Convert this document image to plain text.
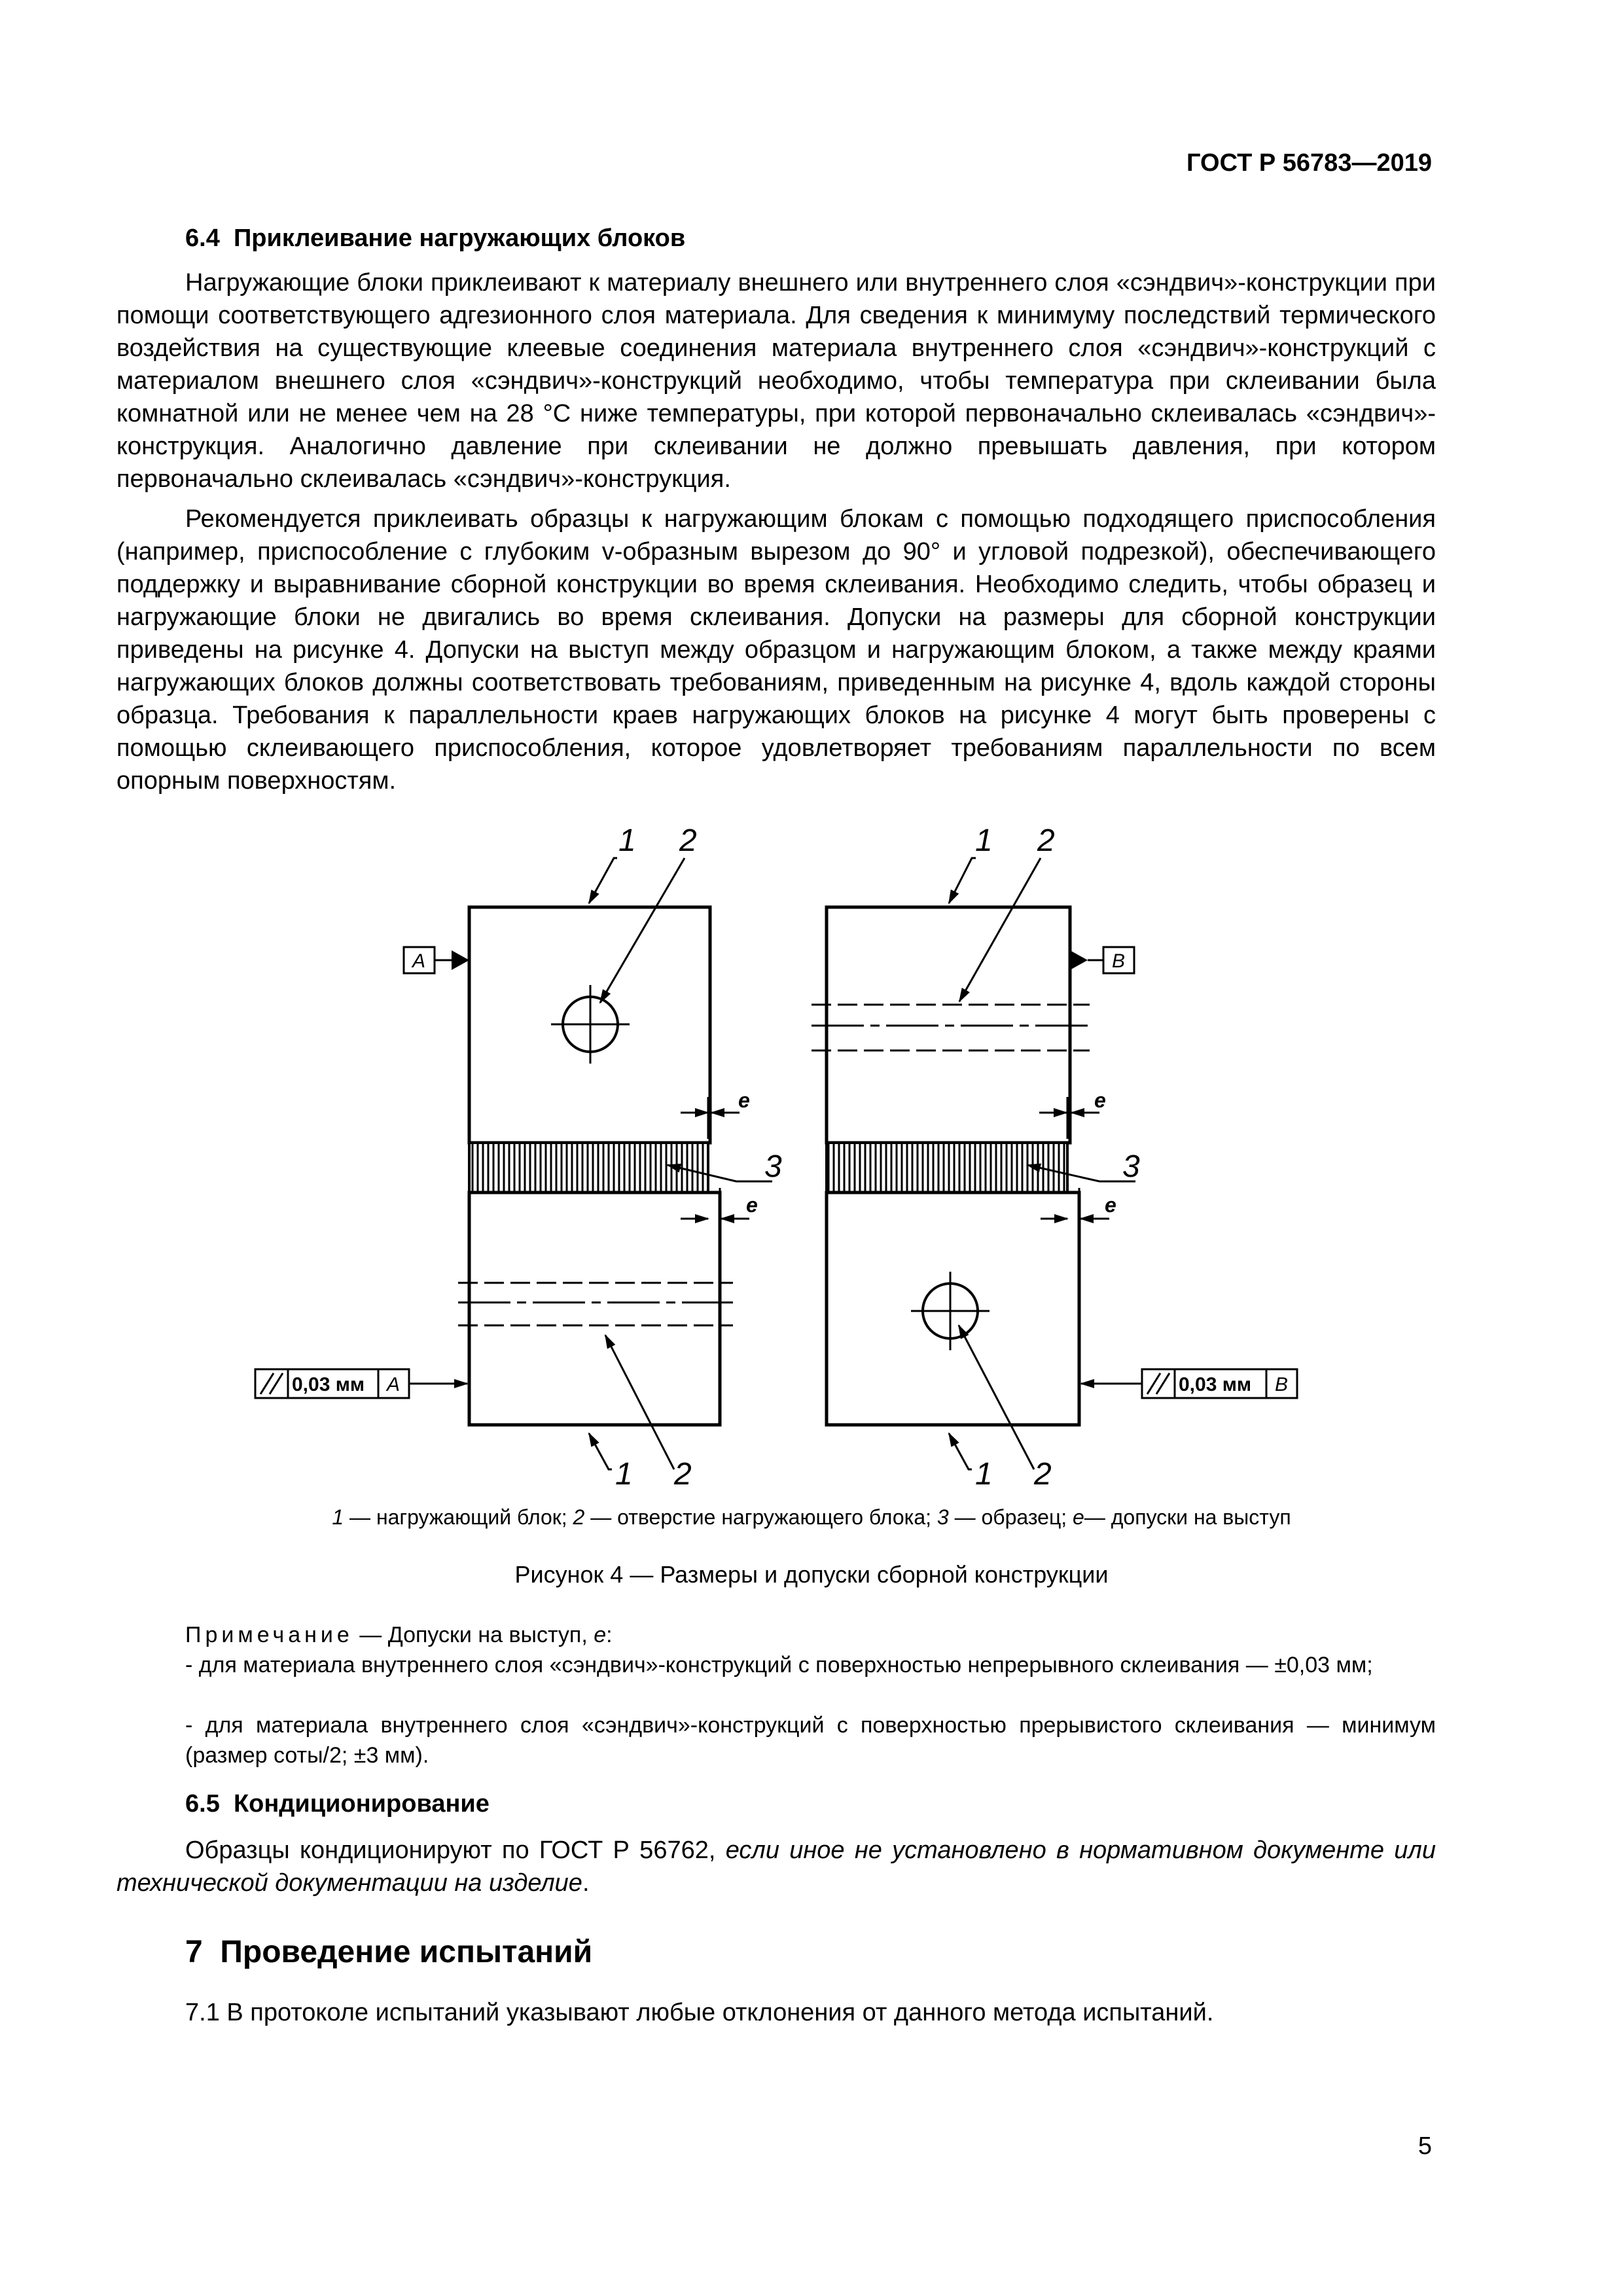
ГОСТ Р 56783—2019
6.4 Приклеивание нагружающих блоков

Нагружающие блоки приклеивают к материалу внешнего или внутреннего слоя «сэндвич»-конструкции при помощи соответствующего адгезионного слоя материала. Для сведения к минимуму последствий термического воздействия на существующие клеевые соединения материала внутреннего слоя «сэндвич»-конструкций с материалом внешнего слоя «сэндвич»-конструкций необходимо, чтобы температура при склеивании была комнатной или не менее чем на 28 °С ниже температуры, при которой первоначально склеивалась «сэндвич»-конструкция. Аналогично давление при склеивании не должно превышать давления, при котором первоначально склеивалась «сэндвич»-конструкция.

Рекомендуется приклеивать образцы к нагружающим блокам с помощью подходящего приспособления (например, приспособление с глубоким v-образным вырезом до 90° и угловой подрезкой), обеспечивающего поддержку и выравнивание сборной конструкции во время склеивания. Необходимо следить, чтобы образец и нагружающие блоки не двигались во время склеивания. Допуски на размеры для сборной конструкции приведены на рисунке 4. Допуски на выступ между образцом и нагружающим блоком, а также между краями нагружающих блоков должны соответствовать требованиям, приведенным на рисунке 4, вдоль каждой стороны образца. Требования к параллельности краев нагружающих блоков на рисунке 4 могут быть проверены с помощью склеивающего приспособления, которое удовлетворяет требованиям параллельности по всем опорным поверхностям.

1 2
3
1 2
1 2
3
1 2
e
e
e
e
A	B
A	B
0,03 мм	0,03 мм
1 — нагружающий блок; 2 — отверстие нагружающего блока; 3 — образец; e— допуски на выступ
Рисунок 4 — Размеры и допуски сборной конструкции
Примечание — Допуски на выступ, e:
- для материала внутреннего слоя «сэндвич»-конструкций с поверхностью непрерывного склеивания — ±0,03 мм;
- для материала внутреннего слоя «сэндвич»-конструкций с поверхностью прерывистого склеивания — минимум (размер соты/2; ±3 мм).
6.5 Кондиционирование

Образцы кондиционируют по ГОСТ Р 56762, если иное не установлено в нормативном документе или технической документации на изделие.

7 Проведение испытаний

7.1 В протоколе испытаний указывают любые отклонения от данного метода испытаний.

5
